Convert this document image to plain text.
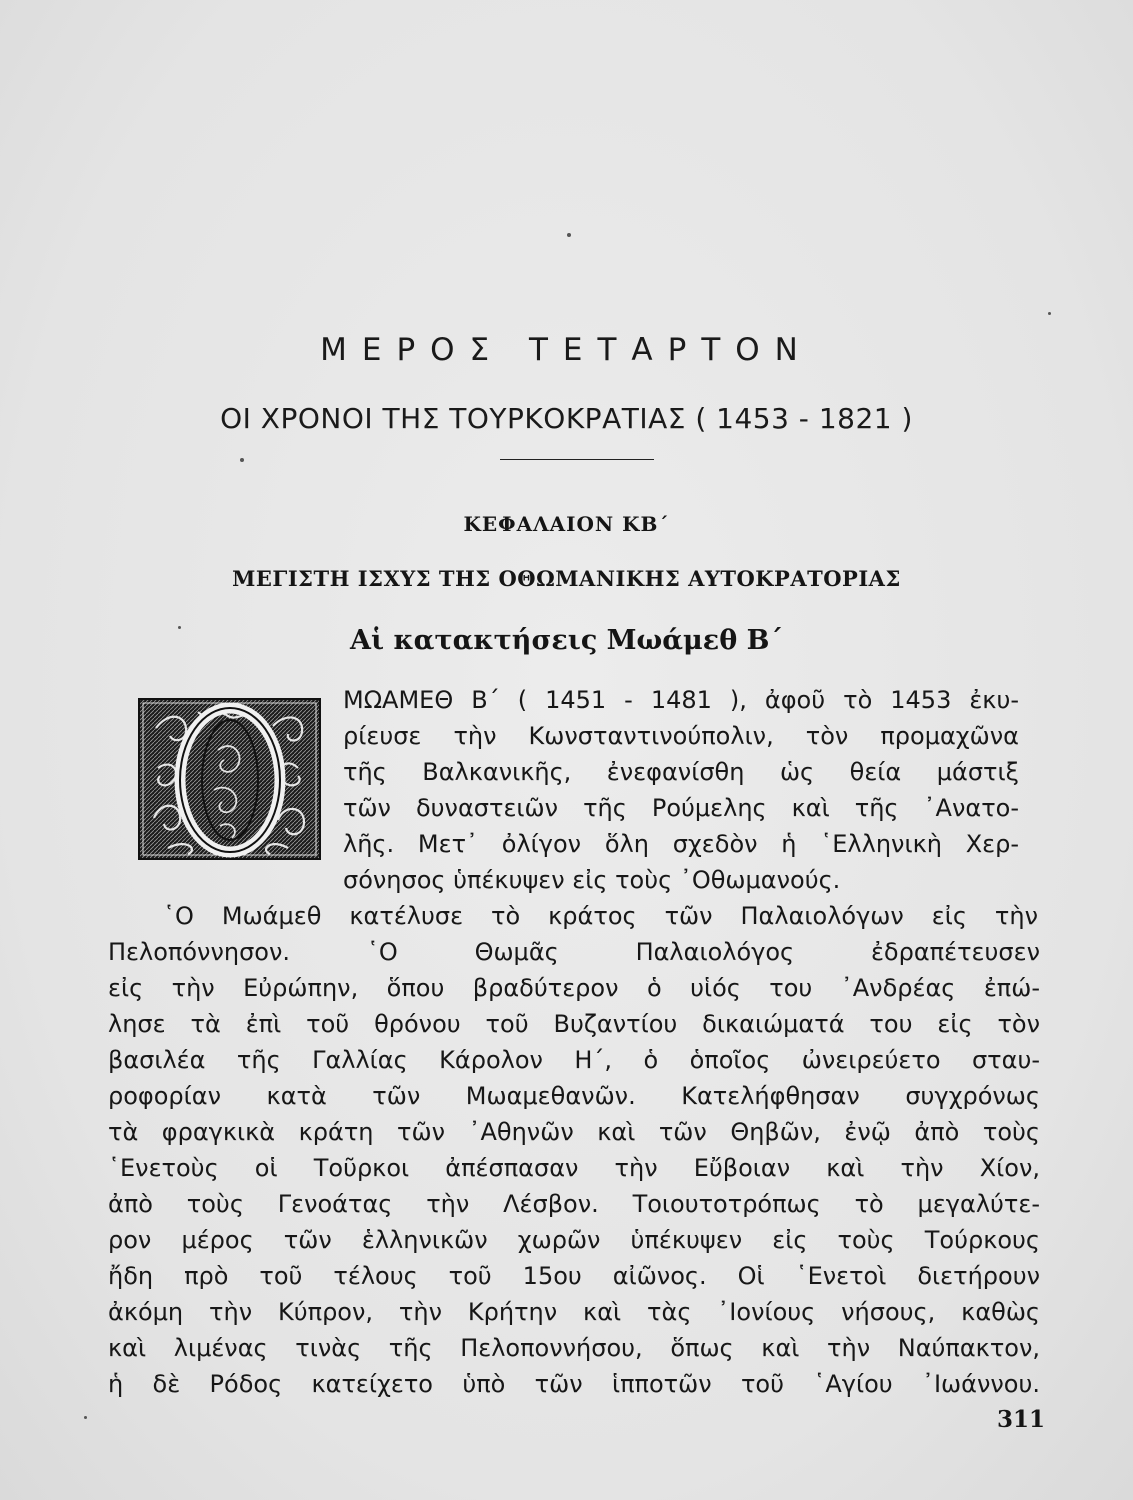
ΜΕΡΟΣ ΤΕΤΑΡΤΟΝ
ΟΙ ΧΡΟΝΟΙ ΤΗΣ ΤΟΥΡΚΟΚΡΑΤΙΑΣ ( 1453 - 1821 )
ΚΕΦΑΛΑΙΟΝ ΚΒ΄
ΜΕΓΙΣΤΗ ΙΣΧΥΣ ΤΗΣ ΟΘΩΜΑΝΙΚΗΣ ΑΥΤΟΚΡΑΤΟΡΙΑΣ
Αἱ κατακτήσεις Μωάμεθ Β΄
Ο
ΜΩΑΜΕΘ Β΄ ( 1451 - 1481 ), ἀφοῦ τὸ 1453 ἐκυ-
ρίευσε τὴν Κωνσταντινούπολιν, τὸν προμαχῶνα
τῆς Βαλκανικῆς, ἐνεφανίσθη ὡς θεία μάστιξ
τῶν δυναστειῶν τῆς Ρούμελης καὶ τῆς ᾿Ανατο-
λῆς. Μετ᾿ ὀλίγον ὅλη σχεδὸν ἡ ῾Ελληνικὴ Χερ-
σόνησος ὑπέκυψεν εἰς τοὺς ᾿Οθωμανούς.
῾Ο Μωάμεθ κατέλυσε τὸ κράτος τῶν Παλαιολόγων εἰς τὴν
Πελοπόννησον. ῾Ο Θωμᾶς Παλαιολόγος ἐδραπέτευσεν
εἰς τὴν Εὐρώπην, ὅπου βραδύτερον ὁ υἱός του ᾿Ανδρέας ἐπώ-
λησε τὰ ἐπὶ τοῦ θρόνου τοῦ Βυζαντίου δικαιώματά του εἰς τὸν
βασιλέα τῆς Γαλλίας Κάρολον Η΄, ὁ ὁποῖος ὠνειρεύετο σταυ-
ροφορίαν κατὰ τῶν Μωαμεθανῶν. Κατελήφθησαν συγχρόνως
τὰ φραγκικὰ κράτη τῶν ᾿Αθηνῶν καὶ τῶν Θηβῶν, ἐνῷ ἀπὸ τοὺς
῾Ενετοὺς οἱ Τοῦρκοι ἀπέσπασαν τὴν Εὔβοιαν καὶ τὴν Χίον,
ἀπὸ τοὺς Γενοάτας τὴν Λέσβον. Τοιουτοτρόπως τὸ μεγαλύτε-
ρον μέρος τῶν ἑλληνικῶν χωρῶν ὑπέκυψεν εἰς τοὺς Τούρκους
ἤδη πρὸ τοῦ τέλους τοῦ 15ου αἰῶνος. Οἱ ῾Ενετοὶ διετήρουν
ἀκόμη τὴν Κύπρον, τὴν Κρήτην καὶ τὰς ᾿Ιονίους νήσους, καθὼς
καὶ λιμένας τινὰς τῆς Πελοποννήσου, ὅπως καὶ τὴν Ναύπακτον,
ἡ δὲ Ρόδος κατείχετο ὑπὸ τῶν ἱπποτῶν τοῦ ῾Αγίου ᾿Ιωάννου.
311
